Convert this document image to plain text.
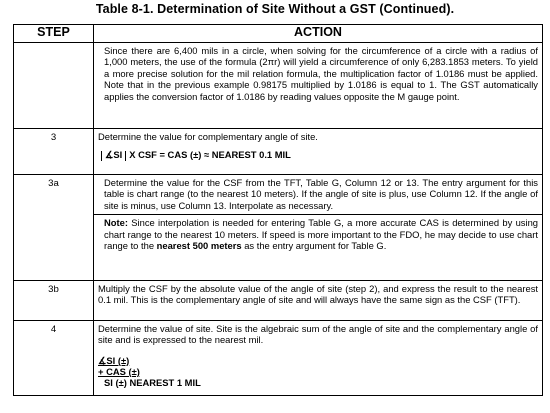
Table 8-1. Determination of Site Without a GST (Continued).
STEP	ACTION

	Since there are 6,400 mils in a circle, when solving for the circumference of a circle with a radius of 1,000 meters, the use of the formula (2πr) will yield a circumference of only 6,283.1853 meters. To yield a more precise solution for the mil relation formula, the multiplication factor of 1.0186 must be applied. Note that in the previous example 0.98175 multiplied by 1.0186 is equal to 1. The GST automatically applies the conversion factor of 1.0186 by reading values opposite the M gauge point.

3	Determine the value for complementary angle of site.
∡SI X CSF = CAS (±) ≈ NEAREST 0.1 MIL
3a	Determine the value for the CSF from the TFT, Table G, Column 12 or 13. The entry argument for this table is chart range (to the nearest 10 meters). If the angle of site is plus, use Column 12. If the angle of site is minus, use Column 13. Interpolate as necessary.
Note: Since interpolation is needed for entering Table G, a more accurate CAS is determined by using chart range to the nearest 10 meters. If speed is more important to the FDO, he may decide to use chart range to the nearest 500 meters as the entry argument for Table G.

3b	Multiply the CSF by the absolute value of the angle of site (step 2), and express the result to the nearest 0.1 mil. This is the complementary angle of site and will always have the same sign as the CSF (TFT).

4	Determine the value of site. Site is the algebraic sum of the angle of site and the complementary angle of site and is expressed to the nearest mil.
∡SI (±)
+ CAS (±)
SI (±) NEAREST 1 MIL
